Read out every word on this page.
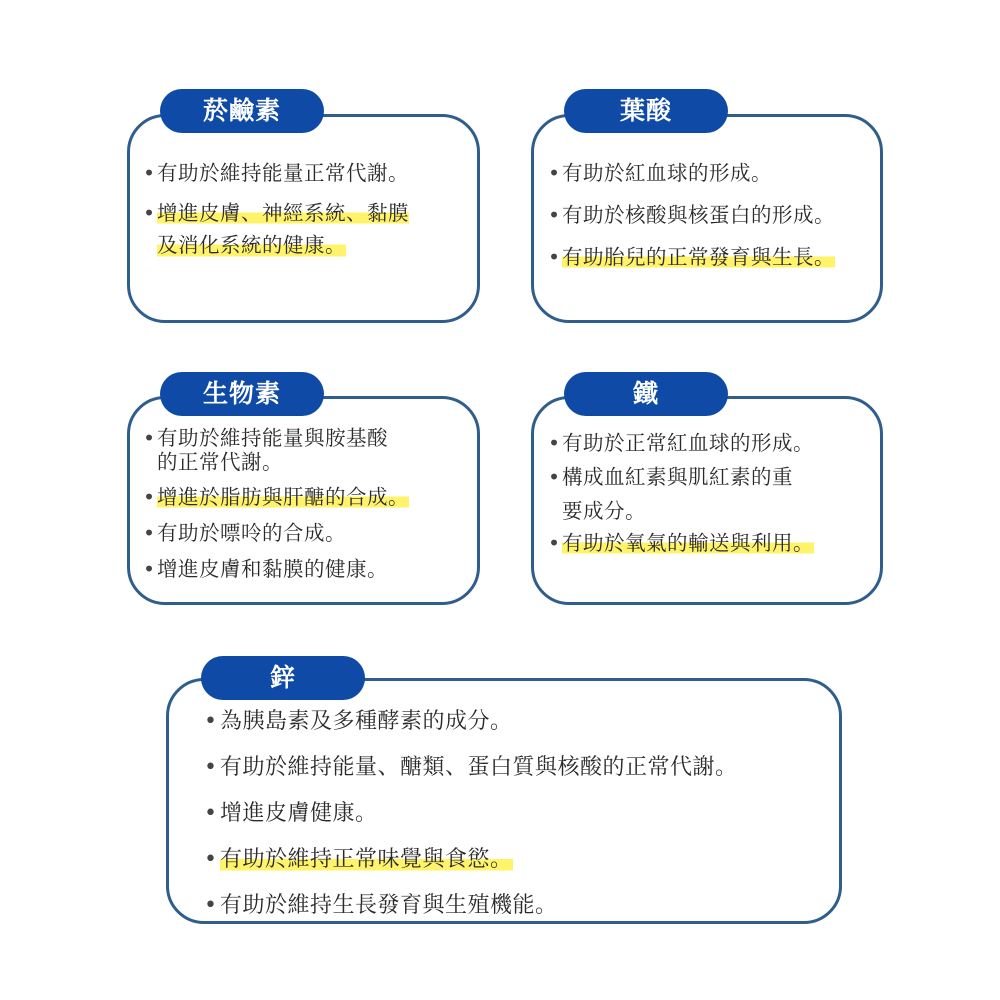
菸鹼素
• 有助於維持能量正常代謝。
• 增進皮膚、神經系統、黏膜
及消化系統的健康。
葉酸
• 有助於紅血球的形成。
• 有助於核酸與核蛋白的形成。
• 有助胎兒的正常發育與生長。
生物素
• 有助於維持能量與胺基酸
的正常代謝。
• 增進於脂肪與肝醣的合成。
• 有助於嘌呤的合成。
• 增進皮膚和黏膜的健康。
鐵
• 有助於正常紅血球的形成。
• 構成血紅素與肌紅素的重
要成分。
• 有助於氧氣的輸送與利用。
鋅
• 為胰島素及多種酵素的成分。
• 有助於維持能量、醣類、蛋白質與核酸的正常代謝。
• 增進皮膚健康。
• 有助於維持正常味覺與食慾。
• 有助於維持生長發育與生殖機能。
